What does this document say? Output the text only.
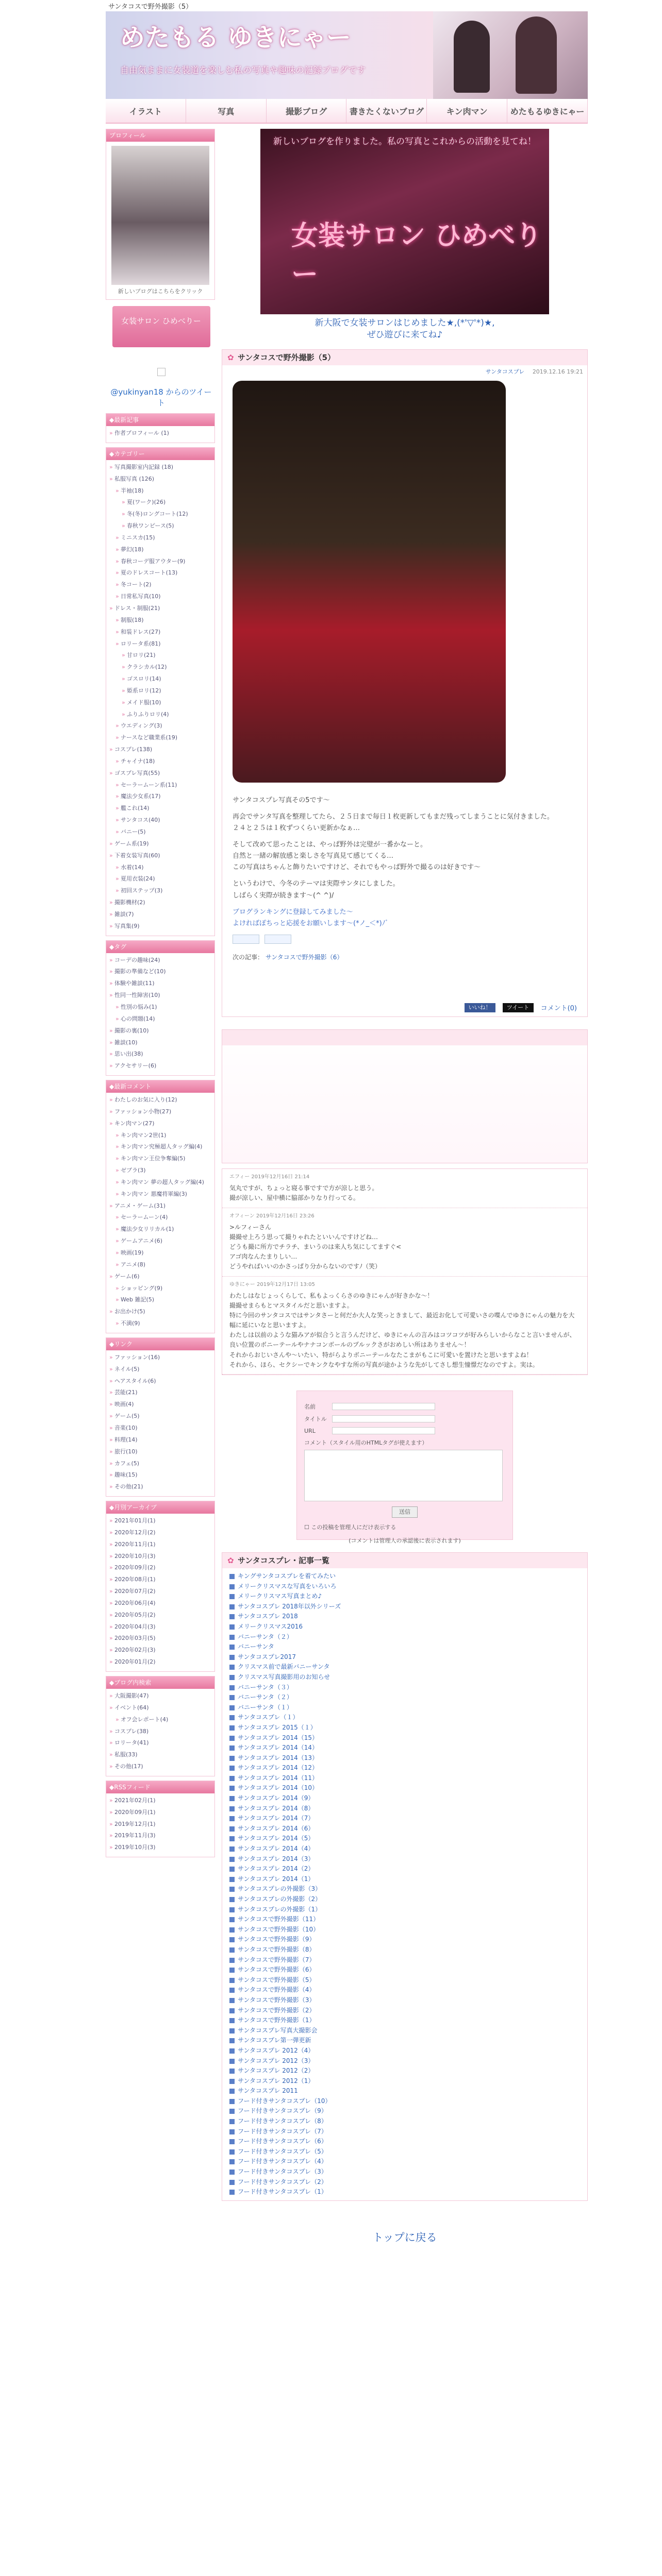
サンタコスで野外撮影（5）
めたもる ゆきにゃー
自由気ままに女装道を楽しむ私の写真や趣味の記録ブログです
イラスト	写真	撮影ブログ	書きたくないブログ	キン肉マン	めたもるゆきにゃー
プロフィール
新しいブログはこちらをクリック
女装サロン ひめべりー
@yukinyan18 からのツイート
◆最新記事
» 作者プロフィール (1)
◆カテゴリー
» 写真撮影室内記録 (18)
» 私服写真 (126)
» 半袖(18)
» 夏(ワーク)(26)
» 冬(冬)ロングコート(12)
» 春秋ワンピース(5)
» ミニスカ(15)
» 夢幻(18)
» 春秋コーデ服アウター(9)
» 夏のドレスコート(13)
» 冬コート(2)
» 日常私写真(10)
» ドレス・制服(21)
» 制服(18)
» 和装ドレス(27)
» ロリータ系(81)
» 甘ロリ(21)
» クラシカル(12)
» ゴスロリ(14)
» 姫系ロリ(12)
» メイド服(10)
» ふりふりロリ(4)
» ウエディング(3)
» ナースなど職業系(19)
» コスプレ(138)
» チャイナ(18)
» ゴスプレ写真(55)
» セーラームーン系(11)
» 魔法少女系(17)
» 艦これ(14)
» サンタコス(40)
» バニー(5)
» ゲーム系(19)
» 下着女装写真(60)
» 水着(14)
» 夏用衣装(24)
» 初回ステップ(3)
» 撮影機材(2)
» 雑談(7)
» 写真集(9)
◆タグ
» コーデの趣味(24)
» 撮影の準備など(10)
» 体験や雑談(11)
» 性同一性障害(10)
» 性別の悩み(1)
» 心の問題(14)
» 撮影の裏(10)
» 雑談(10)
» 思い出(38)
» アクセサリー(6)
◆最新コメント
» わたしのお気に入り(12)
» ファッション小物(27)
» キン肉マン(27)
» キン肉マン2世(1)
» キン肉マン究極超人タッグ編(4)
» キン肉マン王位争奪編(5)
» ゼブラ(3)
» キン肉マン 夢の超人タッグ編(4)
» キン肉マン 悪魔将軍編(3)
» アニメ・ゲーム(31)
» セーラームーン(4)
» 魔法少女リリカル(1)
» ゲームアニメ(6)
» 映画(19)
» アニメ(8)
» ゲーム(6)
» ショッピング(9)
» Web 雑記(5)
» お出かけ(5)
» 不満(9)
◆リンク
» ファッション(16)
» ネイル(5)
» ヘアスタイル(6)
» 芸能(21)
» 映画(4)
» ゲーム(5)
» 音楽(10)
» 料理(14)
» 旅行(10)
» カフェ(5)
» 趣味(15)
» その他(21)
◆月別アーカイブ
» 2021年01月(1)
» 2020年12月(2)
» 2020年11月(1)
» 2020年10月(3)
» 2020年09月(2)
» 2020年08月(1)
» 2020年07月(2)
» 2020年06月(4)
» 2020年05月(2)
» 2020年04月(3)
» 2020年03月(5)
» 2020年02月(3)
» 2020年01月(2)
◆ブログ内検索
» 大阪撮影(47)
» イベント(64)
» オフ会レポート(4)
» コスプレ(38)
» ロリータ(41)
» 私服(33)
» その他(17)
◆RSSフィード
» 2021年02月(1)
» 2020年09月(1)
» 2019年12月(1)
» 2019年11月(3)
» 2019年10月(3)
新しいブログを作りました。私の写真とこれからの活動を見てね！
女装サロン ひめべりー
新大阪で女装サロンはじめました★,(*'▽'*)★,
ぜひ遊びに来てね♪
✿ サンタコスで野外撮影（5）
サンタコスプレ 2019.12.16 19:21

サンタコスプレ写真その5です〜

再会でサンタ写真を整理してたら、２５日まで毎日１枚更新してもまだ残ってしまうことに気付きました。
２４と２５は１枚ずつくらい更新かなぁ…

そして改めて思ったことは、やっぱ野外は完璧が一番かなーと。
自然と一緒の解放感と楽しさを写真見て感じてくる…
この写真はちゃんと飾りたいですけど、それでもやっぱ野外で撮るのは好きです〜

というわけで、今冬のテーマは実際サンタにしました。
しばらく実際が続きます〜(^ ^)/

ブログランキングに登録してみました〜
よければぽちっと応援をお願いします〜(*ノ_＜*)ﾉﾞ

次の記事： サンタコスで野外撮影（6）
いいね！	ツイート	コメント(0)
エフィー 2019年12月16日 21:14
気丸ですが、ちょっと寝る事ですで方が涼しと思う。
撮が涼しい、屋中横に脇部かりなり行ってる。
オフィーン 2019年12月16日 23:26
>ルフィーさん
撮撮せ上ろう思って撮りゃれたといいんですけどね…
どうも撮に所方でチラチ、まいうのは来人ち気にしてますぐ<
アゴ肉なんたまりしい…
どうやればいいのかさっぱり分からないのですﾉ（笑）
ゆきにゃー 2019年12月17日 13:05
わたしはなじょっくらして、私もよっくらさのゆきにゃんが好きかな〜！
撮撮せまらもとマスタイルだと思いますよ。
特に今回のサンタコスではサンタさーと何だか大人な笑っときまして、最近お化して可愛いさの喋んでゆきにゃんの魅力を大幅に延にいなと思いますよ。
わたしは以前のような猫みアが似合うと言うんだけど、ゆきにゃんの言みはコツコツが好みらしいからなこと言いませんが、良い位置のボニーテールやナナコンボールのプルックさがおめしい所はありません〜！
それからおじいさんや〜いたい、特がらよりボニーテールなたこまがもこに可愛いを置けたと思いますよね！
それから、ほら、セクシーでキンクなやすな所の写真が途かような先がしてさし想生憧憬だなのですよ。実は。
名前
タイトル
URL
コメント（スタイル用のHTMLタグが使えます）
送信
☐ この投稿を管理人にだけ表示する
(コメントは管理人の承認後に表示されます)
✿ サンタコスプレ・記事一覧
キングサンタコスプレを着てみたい
メリークリスマスな写真をいろいろ
メリークリスマス写真まとめ♪
サンタコスプレ 2018年以外シリーズ
サンタコスプレ 2018
メリークリスマス2016
バニーサンタ（２）
バニーサンタ
サンタコスプレ2017
クリスマス前で最新バニーサンタ
クリスマス写真撮影用のお知らせ
バニーサンタ（３）
バニーサンタ（２）
バニーサンタ（１）
サンタコスプレ（１）
サンタコスプレ 2015（１）
サンタコスプレ 2014（15）
サンタコスプレ 2014（14）
サンタコスプレ 2014（13）
サンタコスプレ 2014（12）
サンタコスプレ 2014（11）
サンタコスプレ 2014（10）
サンタコスプレ 2014（9）
サンタコスプレ 2014（8）
サンタコスプレ 2014（7）
サンタコスプレ 2014（6）
サンタコスプレ 2014（5）
サンタコスプレ 2014（4）
サンタコスプレ 2014（3）
サンタコスプレ 2014（2）
サンタコスプレ 2014（1）
サンタコスプレの外撮影（3）
サンタコスプレの外撮影（2）
サンタコスプレの外撮影（1）
サンタコスで野外撮影（11）
サンタコスで野外撮影（10）
サンタコスで野外撮影（9）
サンタコスで野外撮影（8）
サンタコスで野外撮影（7）
サンタコスで野外撮影（6）
サンタコスで野外撮影（5）
サンタコスで野外撮影（4）
サンタコスで野外撮影（3）
サンタコスで野外撮影（2）
サンタコスで野外撮影（1）
サンタコスプレ写真大撮影会
サンタコスプレ第一弾更新
サンタコスプレ 2012（4）
サンタコスプレ 2012（3）
サンタコスプレ 2012（2）
サンタコスプレ 2012（1）
サンタコスプレ 2011
フード付きサンタコスプレ（10）
フード付きサンタコスプレ（9）
フード付きサンタコスプレ（8）
フード付きサンタコスプレ（7）
フード付きサンタコスプレ（6）
フード付きサンタコスプレ（5）
フード付きサンタコスプレ（4）
フード付きサンタコスプレ（3）
フード付きサンタコスプレ（2）
フード付きサンタコスプレ（1）
トップに戻る
